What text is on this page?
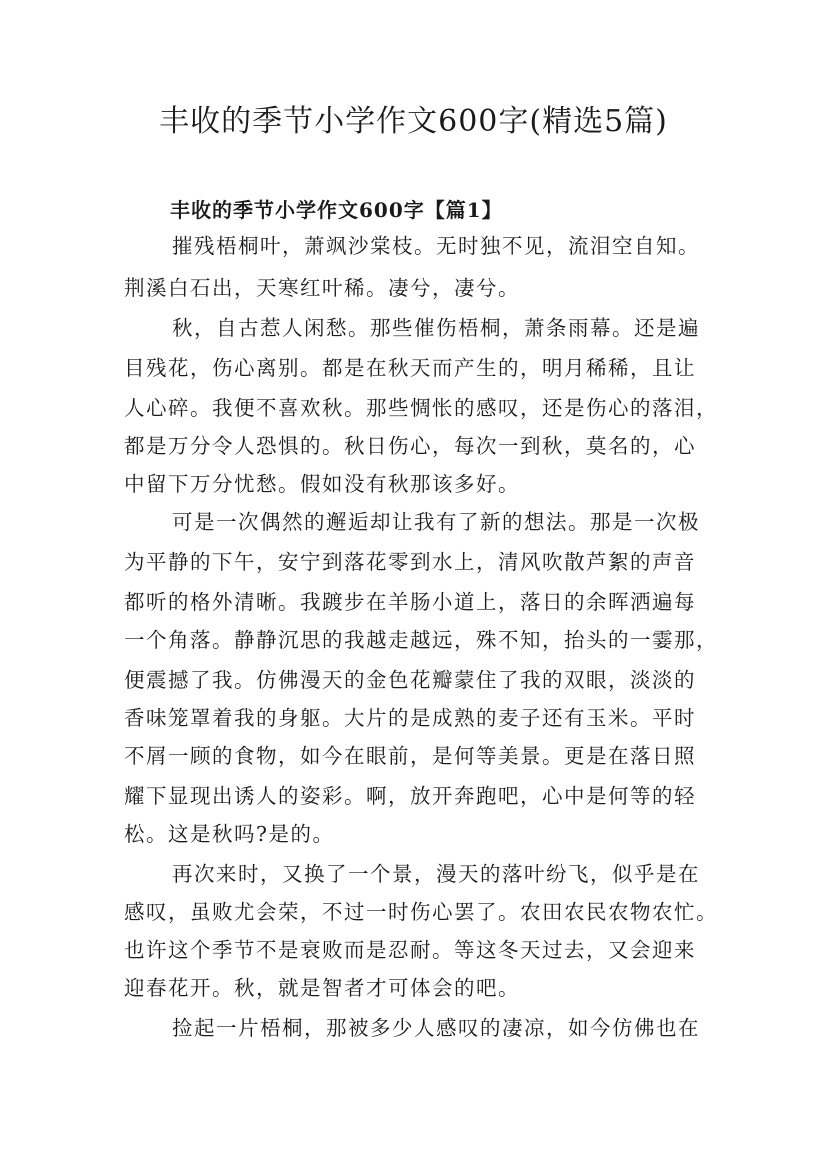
丰收的季节小学作文600字(精选5篇)
丰收的季节小学作文600字【篇1】
摧残梧桐叶，萧飒沙棠枝。无时独不见，流泪空自知。
荆溪白石出，天寒红叶稀。凄兮，凄兮。
秋，自古惹人闲愁。那些催伤梧桐，萧条雨幕。还是遍
目残花，伤心离别。都是在秋天而产生的，明月稀稀，且让
人心碎。我便不喜欢秋。那些惆怅的感叹，还是伤心的落泪，
都是万分令人恐惧的。秋日伤心，每次一到秋，莫名的，心
中留下万分忧愁。假如没有秋那该多好。
可是一次偶然的邂逅却让我有了新的想法。那是一次极
为平静的下午，安宁到落花零到水上，清风吹散芦絮的声音
都听的格外清晰。我踱步在羊肠小道上，落日的余晖洒遍每
一个角落。静静沉思的我越走越远，殊不知，抬头的一霎那，
便震撼了我。仿佛漫天的金色花瓣蒙住了我的双眼，淡淡的
香味笼罩着我的身躯。大片的是成熟的麦子还有玉米。平时
不屑一顾的食物，如今在眼前，是何等美景。更是在落日照
耀下显现出诱人的姿彩。啊，放开奔跑吧，心中是何等的轻
松。这是秋吗?是的。
再次来时，又换了一个景，漫天的落叶纷飞，似乎是在
感叹，虽败尤会荣，不过一时伤心罢了。农田农民农物农忙。
也许这个季节不是衰败而是忍耐。等这冬天过去，又会迎来
迎春花开。秋，就是智者才可体会的吧。
捡起一片梧桐，那被多少人感叹的凄凉，如今仿佛也在
